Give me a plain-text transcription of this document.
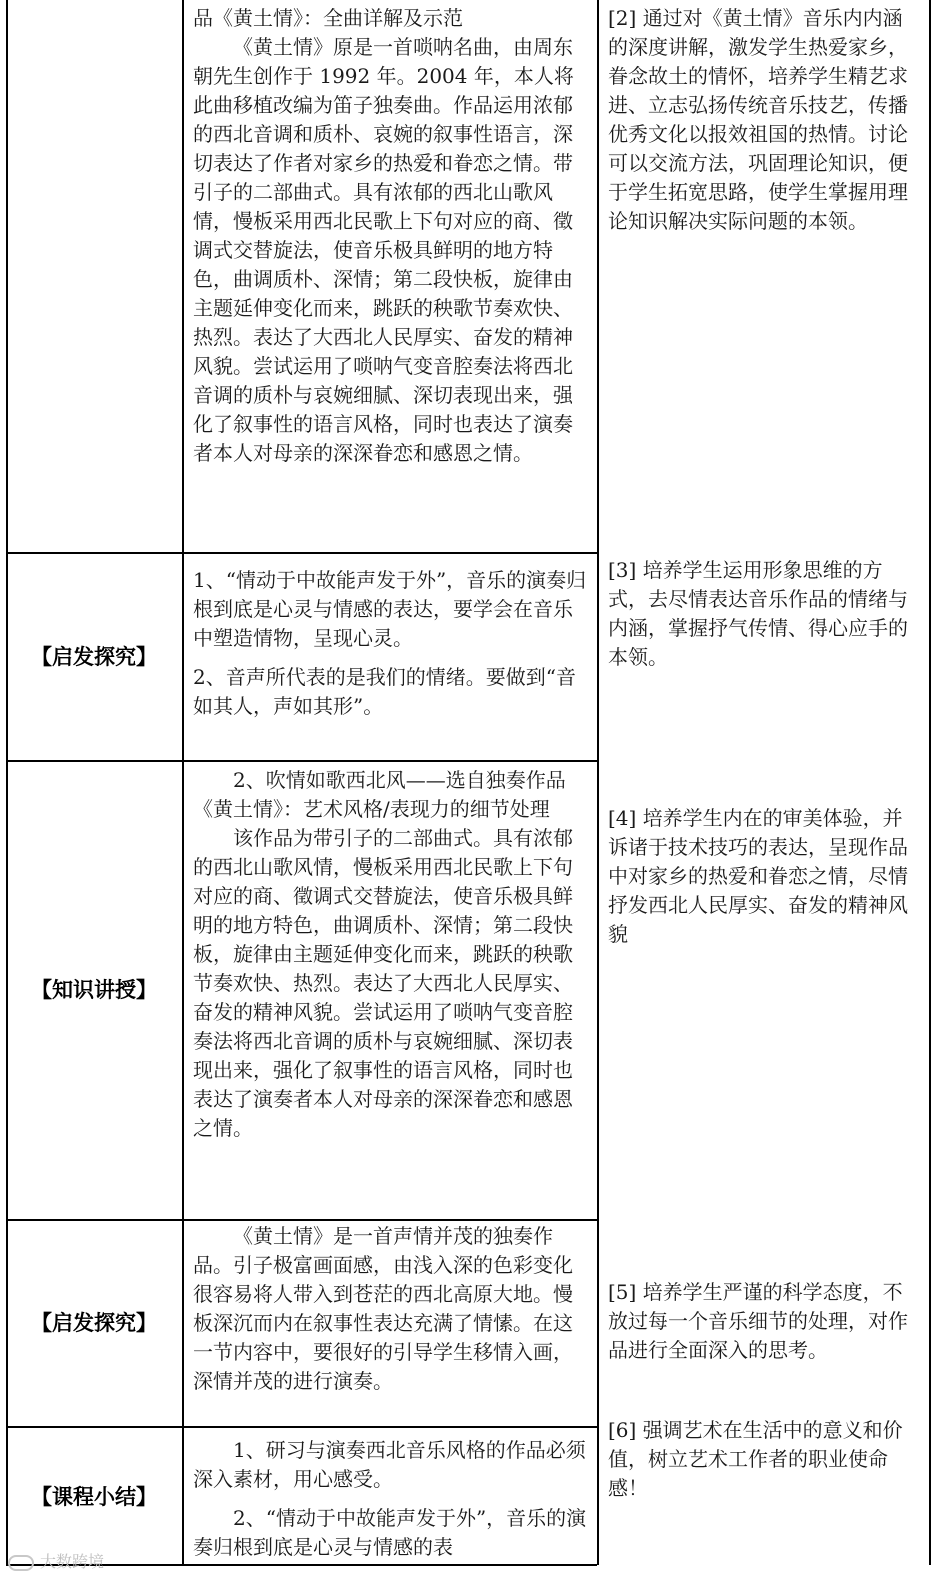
品《黄土情》：全曲详解及示范

《黄土情》原是一首唢呐名曲，由周东朝先生创作于 1992 年。2004 年，本人将此曲移植改编为笛子独奏曲。作品运用浓郁的西北音调和质朴、哀婉的叙事性语言，深切表达了作者对家乡的热爱和眷恋之情。带引子的二部曲式。具有浓郁的西北山歌风情，慢板采用西北民歌上下句对应的商、徵调式交替旋法，使音乐极具鲜明的地方特色，曲调质朴、深情；第二段快板，旋律由主题延伸变化而来，跳跃的秧歌节奏欢快、热烈。表达了大西北人民厚实、奋发的精神风貌。尝试运用了唢呐气变音腔奏法将西北音调的质朴与哀婉细腻、深切表现出来，强化了叙事性的语言风格，同时也表达了演奏者本人对母亲的深深眷恋和感恩之情。

【启发探究】

1、“情动于中故能声发于外”，音乐的演奏归根到底是心灵与情感的表达，要学会在音乐中塑造情物，呈现心灵。

2、音声所代表的是我们的情绪。要做到“音如其人，声如其形”。

【知识讲授】

2、吹情如歌西北风——选自独奏作品《黄土情》：艺术风格/表现力的细节处理

该作品为带引子的二部曲式。具有浓郁的西北山歌风情，慢板采用西北民歌上下句对应的商、徵调式交替旋法，使音乐极具鲜明的地方特色，曲调质朴、深情；第二段快板，旋律由主题延伸变化而来，跳跃的秧歌节奏欢快、热烈。表达了大西北人民厚实、奋发的精神风貌。尝试运用了唢呐气变音腔奏法将西北音调的质朴与哀婉细腻、深切表现出来，强化了叙事性的语言风格，同时也表达了演奏者本人对母亲的深深眷恋和感恩之情。

【启发探究】

《黄土情》是一首声情并茂的独奏作品。引子极富画面感，由浅入深的色彩变化很容易将人带入到苍茫的西北高原大地。慢板深沉而内在叙事性表达充满了情愫。在这一节内容中，要很好的引导学生移情入画，深情并茂的进行演奏。

【课程小结】

1、研习与演奏西北音乐风格的作品必须深入素材，用心感受。

2、“情动于中故能声发于外”，音乐的演奏归根到底是心灵与情感的表

[2] 通过对《黄土情》音乐内内涵的深度讲解，激发学生热爱家乡，眷念故土的情怀，培养学生精艺求进、立志弘扬传统音乐技艺，传播优秀文化以报效祖国的热情。讨论可以交流方法，巩固理论知识，便于学生拓宽思路，使学生掌握用理论知识解决实际问题的本领。

[3] 培养学生运用形象思维的方式，去尽情表达音乐作品的情绪与内涵，掌握抒气传情、得心应手的本领。

[4] 培养学生内在的审美体验，并诉诸于技术技巧的表达，呈现作品中对家乡的热爱和眷恋之情，尽情抒发西北人民厚实、奋发的精神风貌

[5] 培养学生严谨的科学态度，不放过每一个音乐细节的处理，对作品进行全面深入的思考。

[6] 强调艺术在生活中的意义和价值，树立艺术工作者的职业使命感！

大数跨境
